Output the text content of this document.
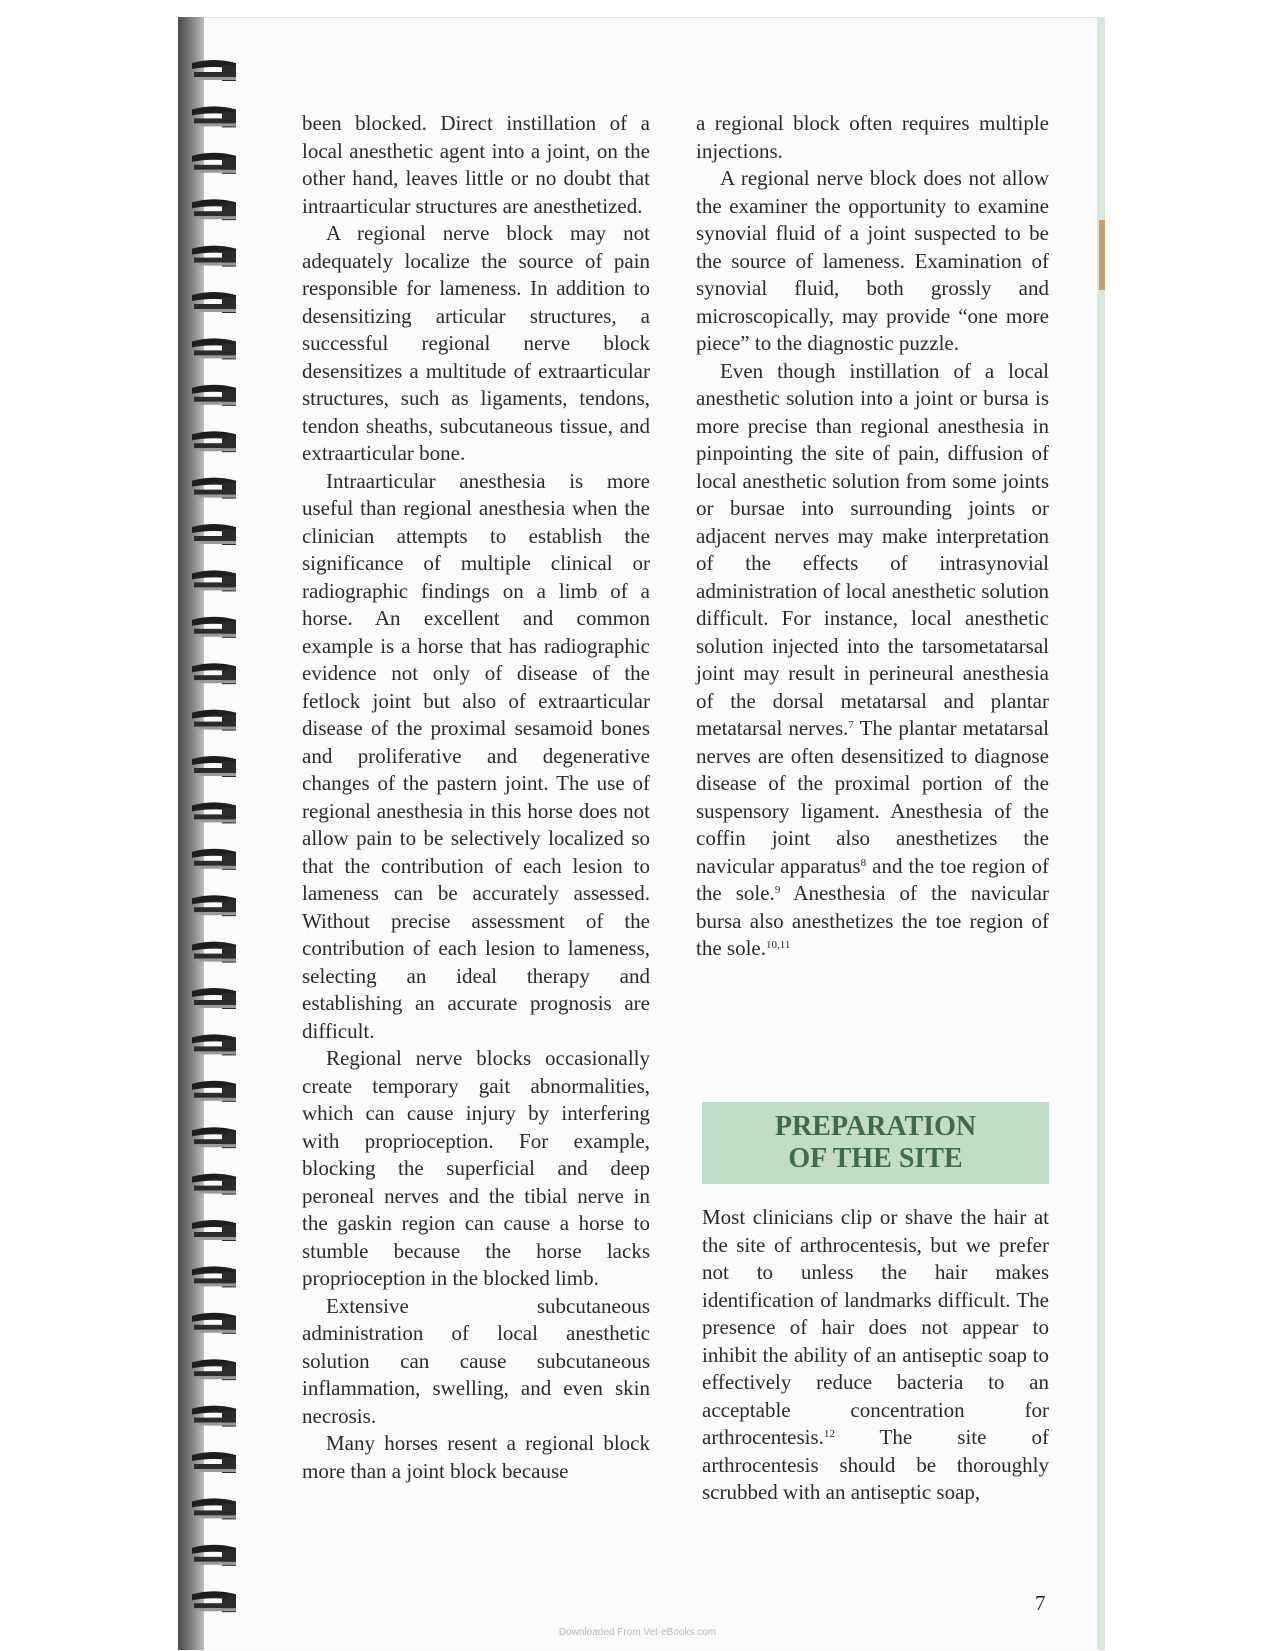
been blocked. Direct instillation of a local anesthetic agent into a joint, on the other hand, leaves little or no doubt that intraarticular structures are anesthetized.

A regional nerve block may not adequately localize the source of pain responsible for lameness. In addition to desensitizing articular structures, a successful regional nerve block desensitizes a multitude of extraarticular structures, such as ligaments, tendons, tendon sheaths, subcutaneous tissue, and extraarticular bone.

Intraarticular anesthesia is more useful than regional anesthesia when the clinician attempts to establish the significance of multiple clinical or radiographic findings on a limb of a horse. An excellent and common example is a horse that has radiographic evidence not only of disease of the fetlock joint but also of extraarticular disease of the proximal sesamoid bones and proliferative and degenerative changes of the pastern joint. The use of regional anesthesia in this horse does not allow pain to be selectively localized so that the contribution of each lesion to lameness can be accurately assessed. Without precise assessment of the contribution of each lesion to lameness, selecting an ideal therapy and establishing an accurate prognosis are difficult.

Regional nerve blocks occasionally create temporary gait abnormalities, which can cause injury by interfering with proprioception. For example, blocking the superficial and deep peroneal nerves and the tibial nerve in the gaskin region can cause a horse to stumble because the horse lacks proprioception in the blocked limb.

Extensive subcutaneous administration of local anesthetic solution can cause subcutaneous inflammation, swelling, and even skin necrosis.

Many horses resent a regional block more than a joint block because

a regional block often requires multiple injections.

A regional nerve block does not allow the examiner the opportunity to examine synovial fluid of a joint suspected to be the source of lameness. Examination of synovial fluid, both grossly and microscopically, may provide “one more piece” to the diagnostic puzzle.

Even though instillation of a local anesthetic solution into a joint or bursa is more precise than regional anesthesia in pinpointing the site of pain, diffusion of local anesthetic solution from some joints or bursae into surrounding joints or adjacent nerves may make interpretation of the effects of intrasynovial administration of local anesthetic solution difficult. For instance, local anesthetic solution injected into the tarsometatarsal joint may result in perineural anesthesia of the dorsal metatarsal and plantar metatarsal nerves.$^7$ The plantar metatarsal nerves are often desensitized to diagnose disease of the proximal portion of the suspensory ligament. Anesthesia of the coffin joint also anesthetizes the navicular apparatus$^8$ and the toe region of the sole.$^9$ Anesthesia of the navicular bursa also anesthetizes the toe region of the sole.$^{10,11}$

PREPARATION
OF THE SITE

Most clinicians clip or shave the hair at the site of arthrocentesis, but we prefer not to unless the hair makes identification of landmarks difficult. The presence of hair does not appear to inhibit the ability of an antiseptic soap to effectively reduce bacteria to an acceptable concentration for arthrocentesis.$^{12}$ The site of arthrocentesis should be thoroughly scrubbed with an antiseptic soap,

7
Downloaded From Vet-eBooks.com
